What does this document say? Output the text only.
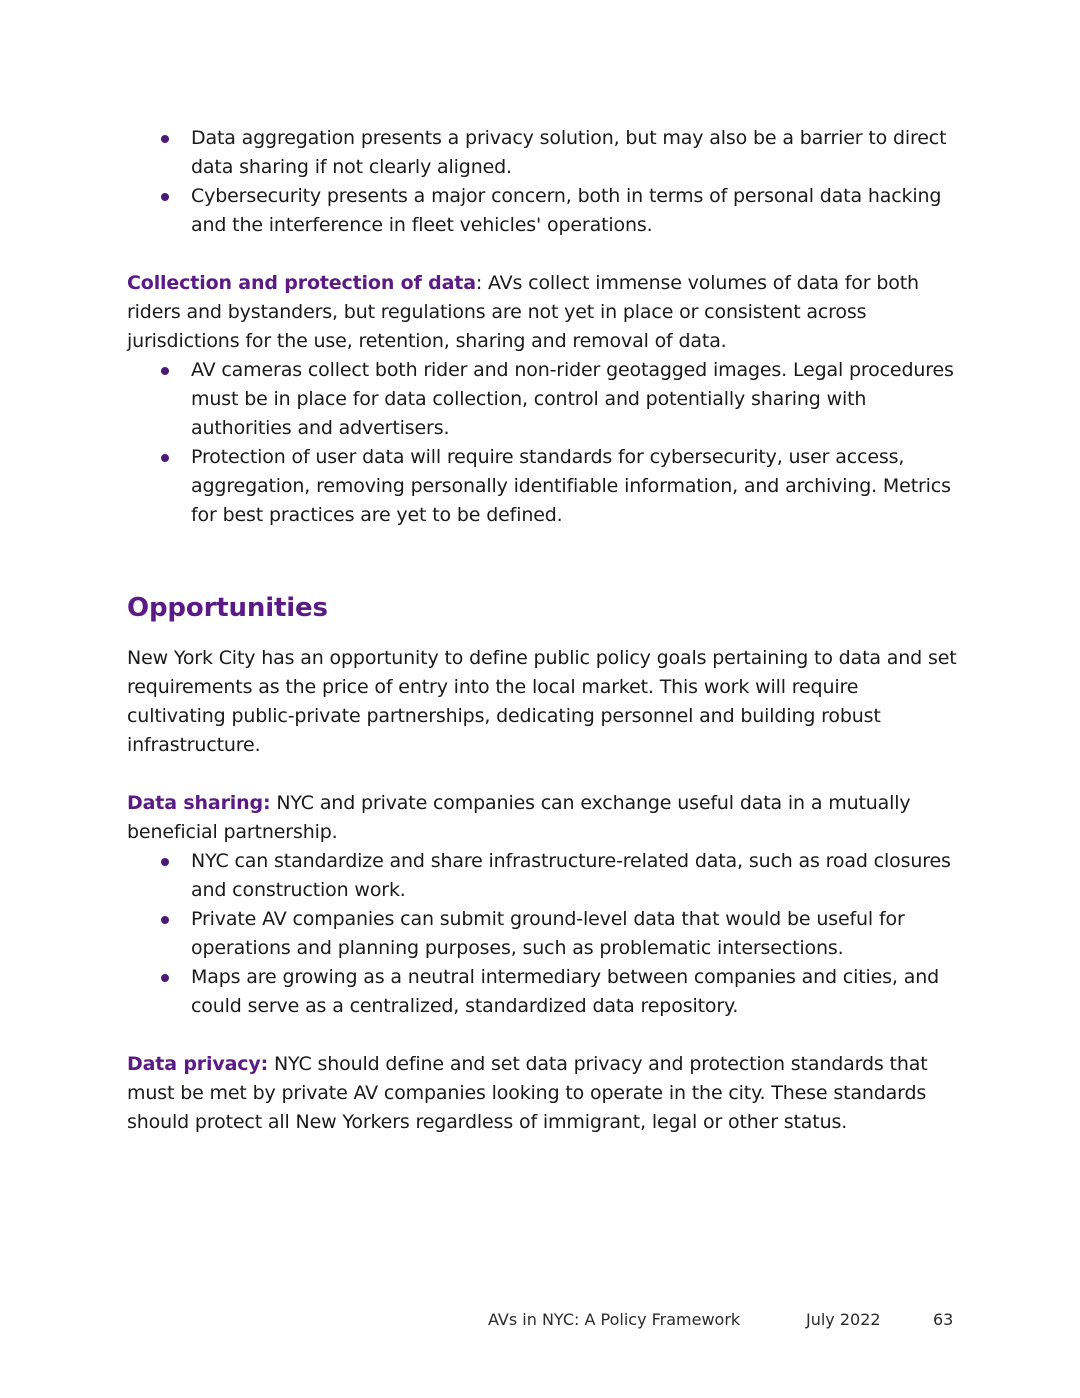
Data aggregation presents a privacy solution, but may also be a barrier to direct data sharing if not clearly aligned.
Cybersecurity presents a major concern, both in terms of personal data hacking and the interference in fleet vehicles' operations.

Collection and protection of data: AVs collect immense volumes of data for both riders and bystanders, but regulations are not yet in place or consistent across jurisdictions for the use, retention, sharing and removal of data.

AV cameras collect both rider and non-rider geotagged images. Legal procedures must be in place for data collection, control and potentially sharing with authorities and advertisers.
Protection of user data will require standards for cybersecurity, user access, aggregation, removing personally identifiable information, and archiving. Metrics for best practices are yet to be defined.
Opportunities

New York City has an opportunity to define public policy goals pertaining to data and set requirements as the price of entry into the local market. This work will require cultivating public-private partnerships, dedicating personnel and building robust infrastructure.

Data sharing: NYC and private companies can exchange useful data in a mutually beneficial partnership.

NYC can standardize and share infrastructure-related data, such as road closures and construction work.
Private AV companies can submit ground-level data that would be useful for operations and planning purposes, such as problematic intersections.
Maps are growing as a neutral intermediary between companies and cities, and could serve as a centralized, standardized data repository.

Data privacy: NYC should define and set data privacy and protection standards that must be met by private AV companies looking to operate in the city. These standards should protect all New Yorkers regardless of immigrant, legal or other status.

AVs in NYC: A Policy Framework	July 2022	63
